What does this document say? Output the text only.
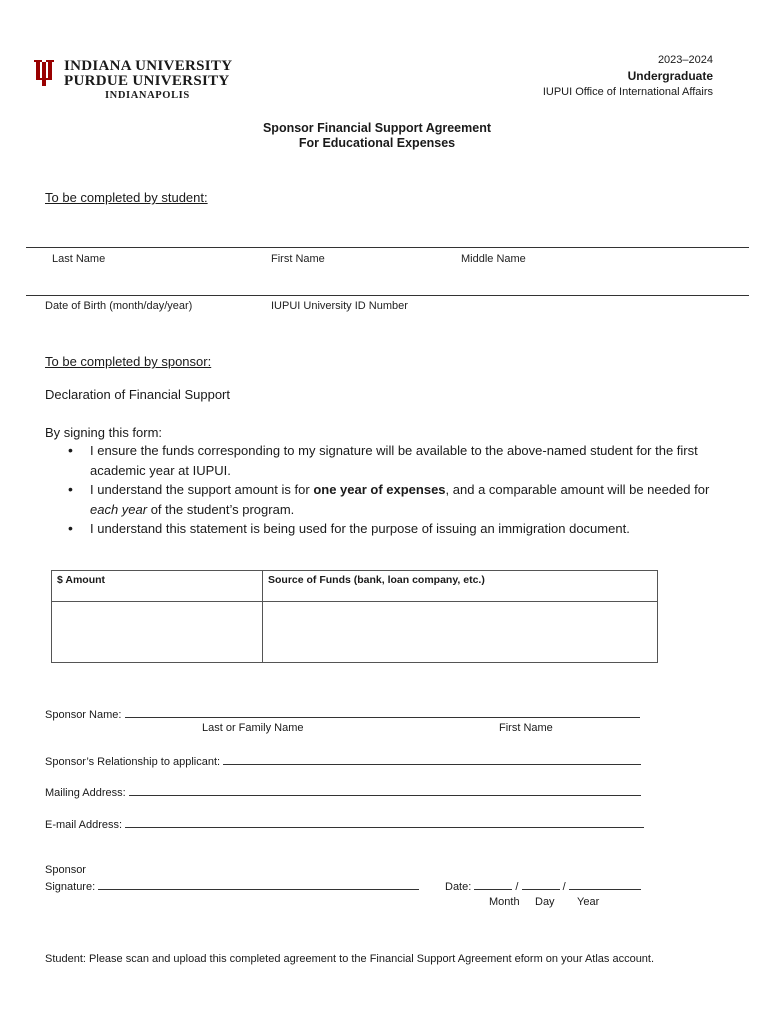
INDIANA UNIVERSITY
PURDUE UNIVERSITY
INDIANAPOLIS
2023–2024
Undergraduate
IUPUI Office of International Affairs
Sponsor Financial Support Agreement
For Educational Expenses
To be completed by student:
Last Name	First Name	Middle Name
Date of Birth (month/day/year)	IUPUI University ID Number
To be completed by sponsor:
Declaration of Financial Support
By signing this form:
• I ensure the funds corresponding to my signature will be available to the above-named student for the first academic year at IUPUI.
• I understand the support amount is for one year of expenses, and a comparable amount will be needed for each year of the student’s program.
• I understand this statement is being used for the purpose of issuing an immigration document.
$ Amount	Source of Funds (bank, loan company, etc.)

Sponsor Name:
Last or Family Name	First Name
Sponsor’s Relationship to applicant:
Mailing Address:
E-mail Address:
Sponsor
Signature:	Date:	/	/
Month Day Year
Student: Please scan and upload this completed agreement to the Financial Support Agreement eform on your Atlas account.
